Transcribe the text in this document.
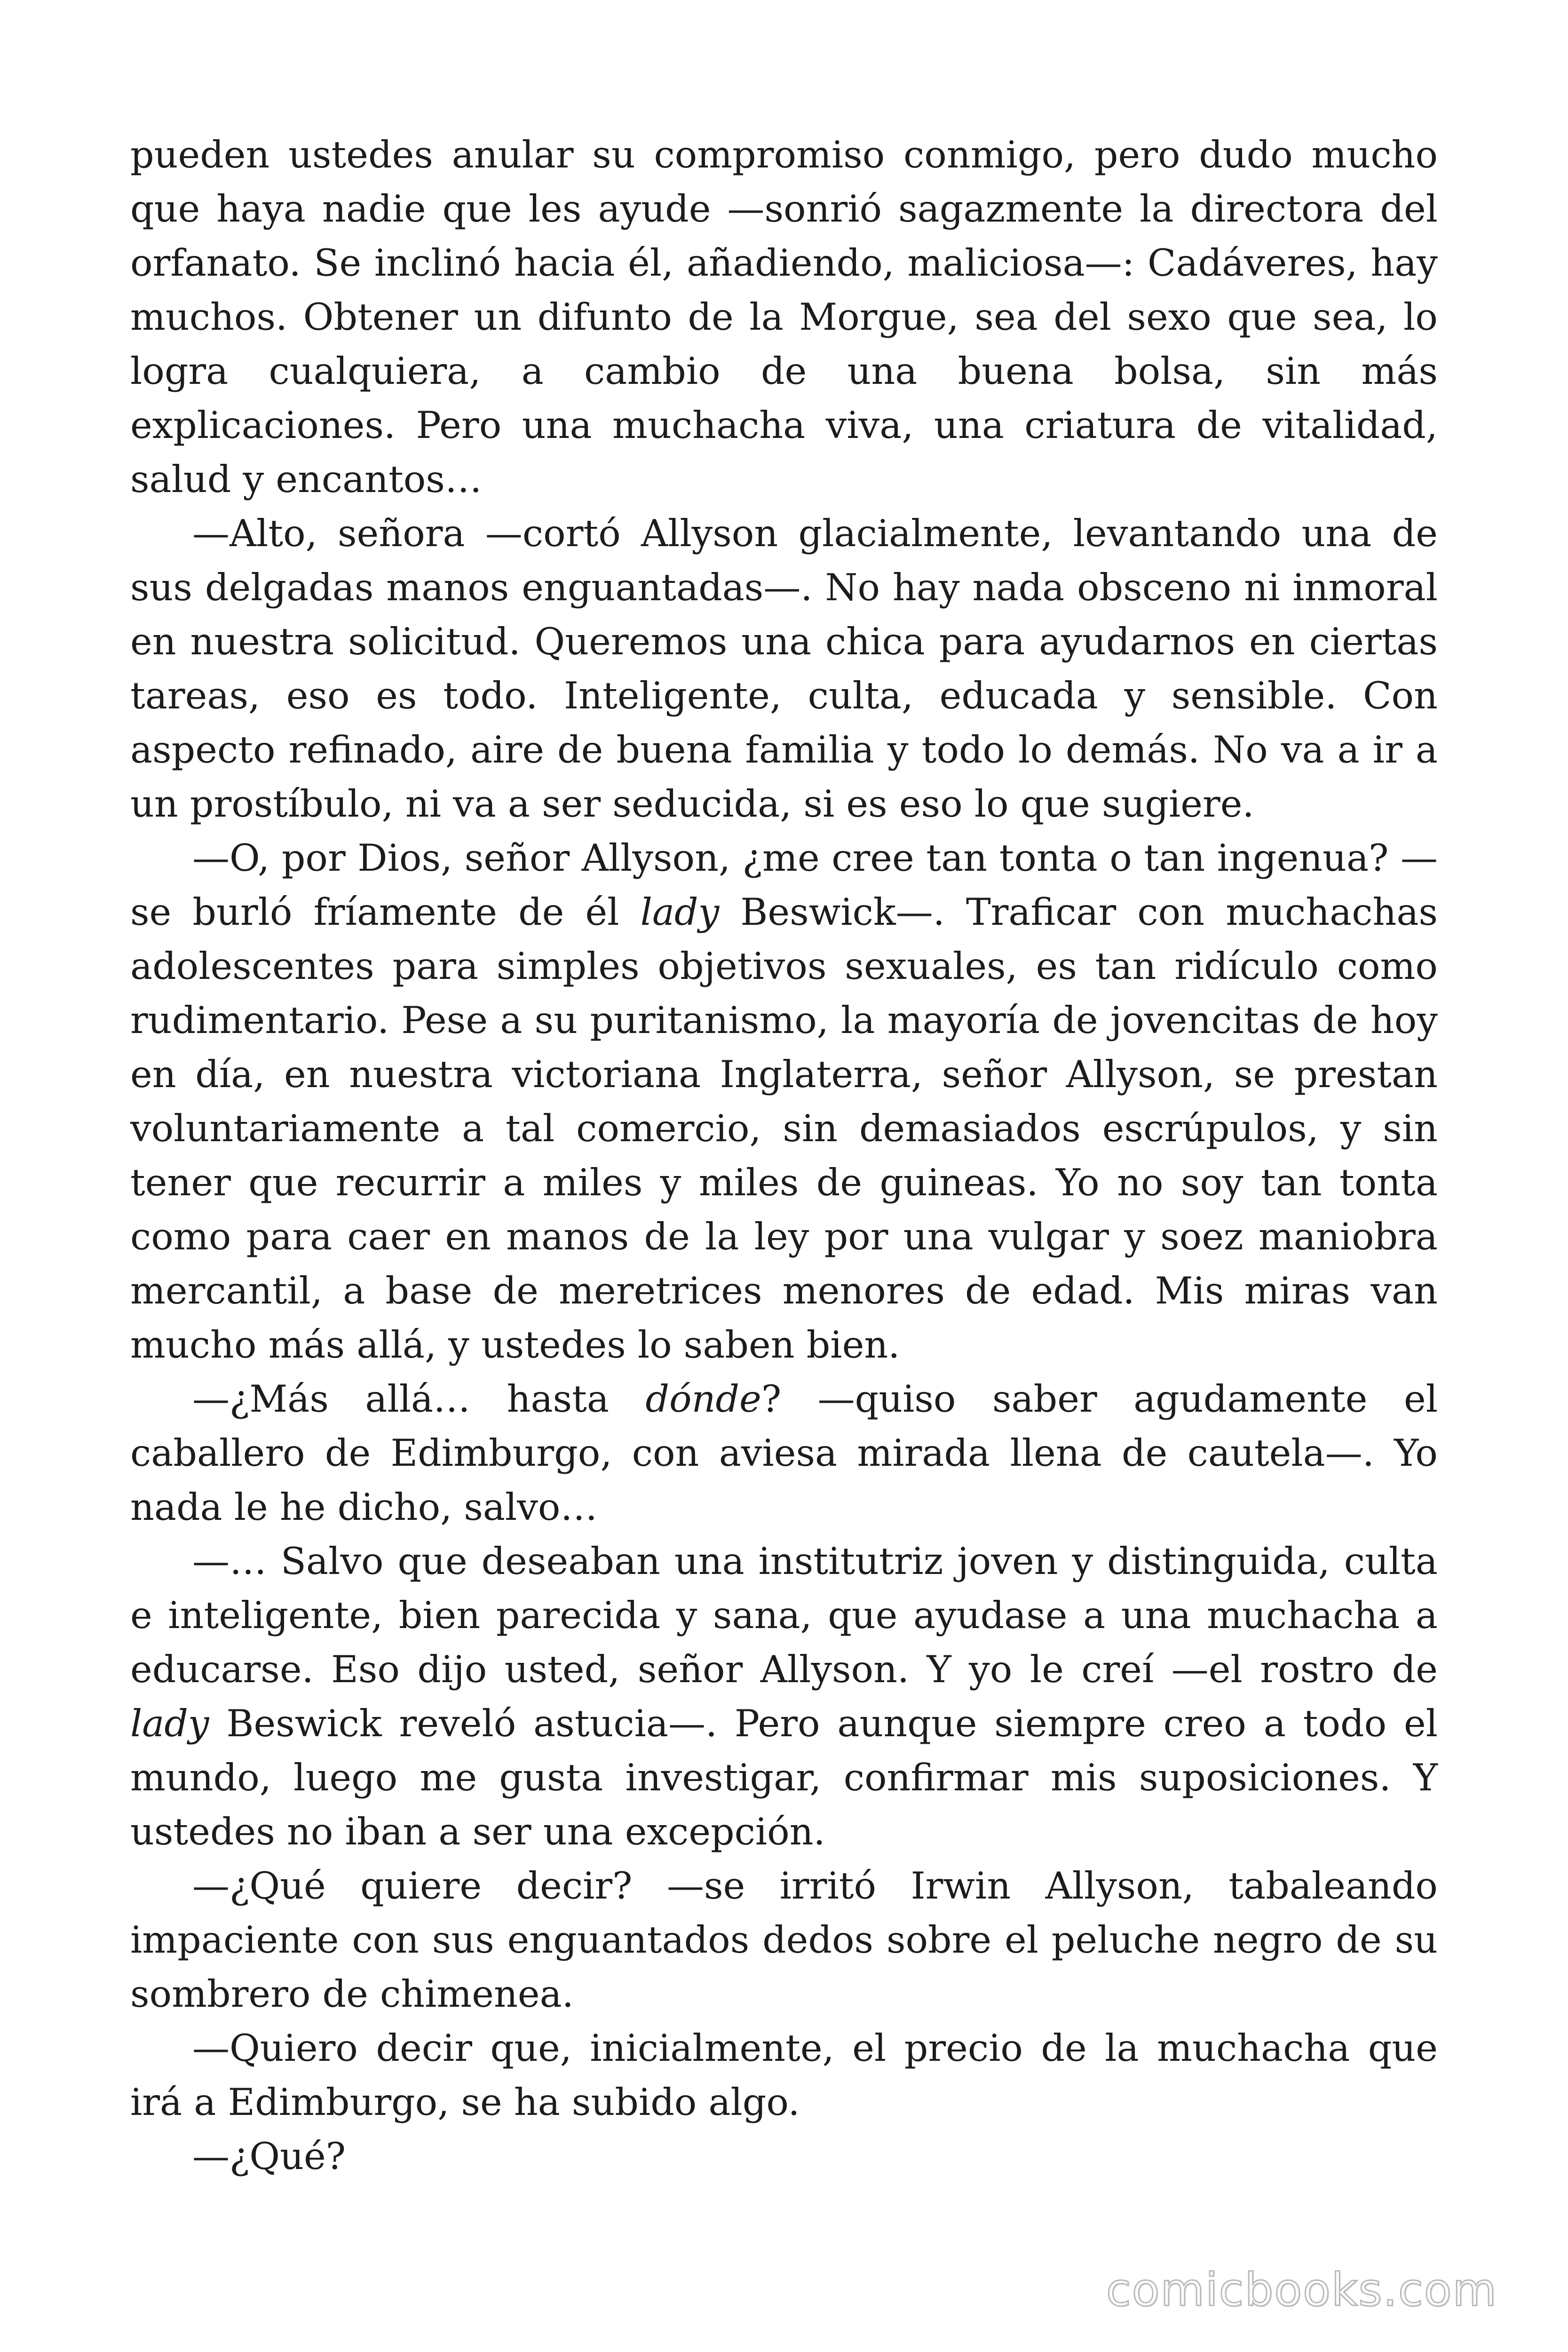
pueden ustedes anular su compromiso conmigo, pero dudo mucho que haya nadie que les ayude —sonrió sagazmente la directora del orfanato. Se inclinó hacia él, añadiendo, maliciosa—: Cadáveres, hay muchos. Obtener un difunto de la Morgue, sea del sexo que sea, lo logra cualquiera, a cambio de una buena bolsa, sin más explicaciones. Pero una muchacha viva, una criatura de vitalidad, salud y encantos…

—Alto, señora —cortó Allyson glacialmente, levantando una de sus delgadas manos enguantadas—. No hay nada obsceno ni inmoral en nuestra solicitud. Queremos una chica para ayudarnos en ciertas tareas, eso es todo. Inteligente, culta, educada y sensible. Con aspecto refinado, aire de buena familia y todo lo demás. No va a ir a un prostíbulo, ni va a ser seducida, si es eso lo que sugiere.

—O, por Dios, señor Allyson, ¿me cree tan tonta o tan ingenua? —se burló fríamente de él lady Beswick—. Traficar con muchachas adolescentes para simples objetivos sexuales, es tan ridículo como rudimentario. Pese a su puritanismo, la mayoría de jovencitas de hoy en día, en nuestra victoriana Inglaterra, señor Allyson, se prestan voluntariamente a tal comercio, sin demasiados escrúpulos, y sin tener que recurrir a miles y miles de guineas. Yo no soy tan tonta como para caer en manos de la ley por una vulgar y soez maniobra mercantil, a base de meretrices menores de edad. Mis miras van mucho más allá, y ustedes lo saben bien.

—¿Más allá… hasta dónde? —quiso saber agudamente el caballero de Edimburgo, con aviesa mirada llena de cautela—. Yo nada le he dicho, salvo…

—… Salvo que deseaban una institutriz joven y distinguida, culta e inteligente, bien parecida y sana, que ayudase a una muchacha a educarse. Eso dijo usted, señor Allyson. Y yo le creí —el rostro de lady Beswick reveló astucia—. Pero aunque siempre creo a todo el mundo, luego me gusta investigar, confirmar mis suposiciones. Y ustedes no iban a ser una excepción.

—¿Qué quiere decir? —se irritó Irwin Allyson, tabaleando impaciente con sus enguantados dedos sobre el peluche negro de su sombrero de chimenea.

—Quiero decir que, inicialmente, el precio de la muchacha que irá a Edimburgo, se ha subido algo.

—¿Qué?

comicbooks.com
